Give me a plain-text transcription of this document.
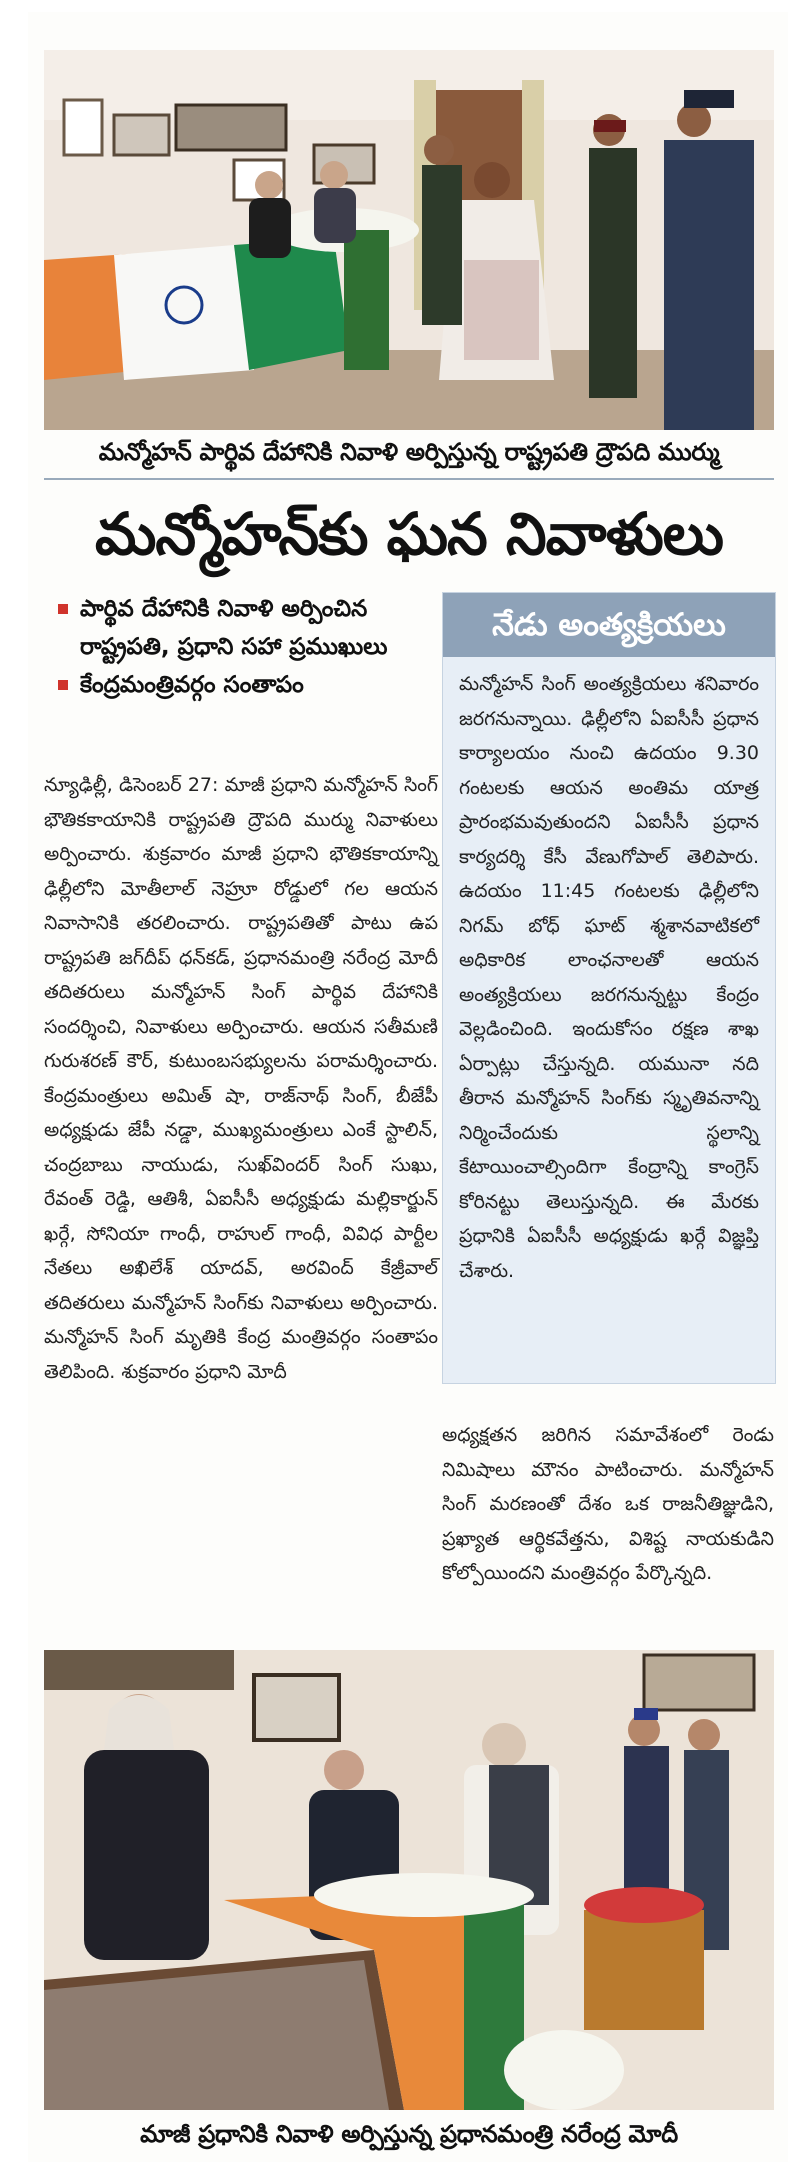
మన్మోహన్ పార్థివ దేహానికి నివాళి అర్పిస్తున్న రాష్ట్రపతి ద్రౌపది ముర్ము
మన్మోహన్‌కు ఘన నివాళులు
పార్థివ దేహానికి నివాళి అర్పించిన రాష్ట్రపతి, ప్రధాని సహా ప్రముఖులు
కేంద్రమంత్రివర్గం సంతాపం
న్యూఢిల్లీ, డిసెంబర్ 27: మాజీ ప్రధాని మన్మోహన్ సింగ్ భౌతికకాయానికి రాష్ట్రపతి ద్రౌపది ముర్ము నివాళులు అర్పించారు. శుక్రవారం మాజీ ప్రధాని భౌతికకాయాన్ని ఢిల్లీలోని మోతీలాల్ నెహ్రూ రోడ్డులో గల ఆయన నివాసానికి తరలించారు. రాష్ట్రపతితో పాటు ఉప రాష్ట్రపతి జగ్‌దీప్ ధన్‌కడ్, ప్రధానమంత్రి నరేంద్ర మోదీ తదితరులు మన్మోహన్ సింగ్ పార్థివ దేహానికి సందర్శించి, నివాళులు అర్పించారు. ఆయన సతీమణి గురుశరణ్ కౌర్, కుటుంబసభ్యులను పరామర్శించారు. కేంద్రమంత్రులు అమిత్ షా, రాజ్‌నాథ్ సింగ్, బీజేపీ అధ్యక్షుడు జేపీ నడ్డా, ముఖ్యమంత్రులు ఎంకే స్టాలిన్, చంద్రబాబు నాయుడు, సుఖ్‌విందర్ సింగ్ సుఖు, రేవంత్ రెడ్డి, ఆతిశీ, ఏఐసీసీ అధ్యక్షుడు మల్లికార్జున్ ఖర్గే, సోనియా గాంధీ, రాహుల్ గాంధీ, వివిధ పార్టీల నేతలు అఖిలేశ్ యాదవ్, అరవింద్ కేజ్రీవాల్ తదితరులు మన్మోహన్ సింగ్‌కు నివాళులు అర్పించారు. మన్మోహన్ సింగ్ మృతికి కేంద్ర మంత్రివర్గం సంతాపం తెలిపింది. శుక్రవారం ప్రధాని మోదీ
నేడు అంత్యక్రియలు
మన్మోహన్ సింగ్ అంత్యక్రియలు శనివారం జరగనున్నాయి. ఢిల్లీలోని ఏఐసీసీ ప్రధాన కార్యాలయం నుంచి ఉదయం 9.30 గంటలకు ఆయన అంతిమ యాత్ర ప్రారంభమవుతుందని ఏఐసీసీ ప్రధాన కార్యదర్శి కేసీ వేణుగోపాల్ తెలిపారు. ఉదయం 11:45 గంటలకు ఢిల్లీలోని నిగమ్ బోధ్ ఘాట్ శ్మశానవాటికలో అధికారిక లాంఛనాలతో ఆయన అంత్యక్రియలు జరగనున్నట్టు కేంద్రం వెల్లడించింది. ఇందుకోసం రక్షణ శాఖ ఏర్పాట్లు చేస్తున్నది. యమునా నది తీరాన మన్మోహన్ సింగ్‌కు స్మృతివనాన్ని నిర్మించేందుకు స్థలాన్ని కేటాయించాల్సిందిగా కేంద్రాన్ని కాంగ్రెస్ కోరినట్టు తెలుస్తున్నది. ఈ మేరకు ప్రధానికి ఏఐసీసీ అధ్యక్షుడు ఖర్గే విజ్ఞప్తి చేశారు.
అధ్యక్షతన జరిగిన సమావేశంలో రెండు నిమిషాలు మౌనం పాటించారు. మన్మోహన్ సింగ్ మరణంతో దేశం ఒక రాజనీతిజ్ఞుడిని, ప్రఖ్యాత ఆర్థికవేత్తను, విశిష్ట నాయకుడిని కోల్పోయిందని మంత్రివర్గం పేర్కొన్నది.
మాజీ ప్రధానికి నివాళి అర్పిస్తున్న ప్రధానమంత్రి నరేంద్ర మోదీ
